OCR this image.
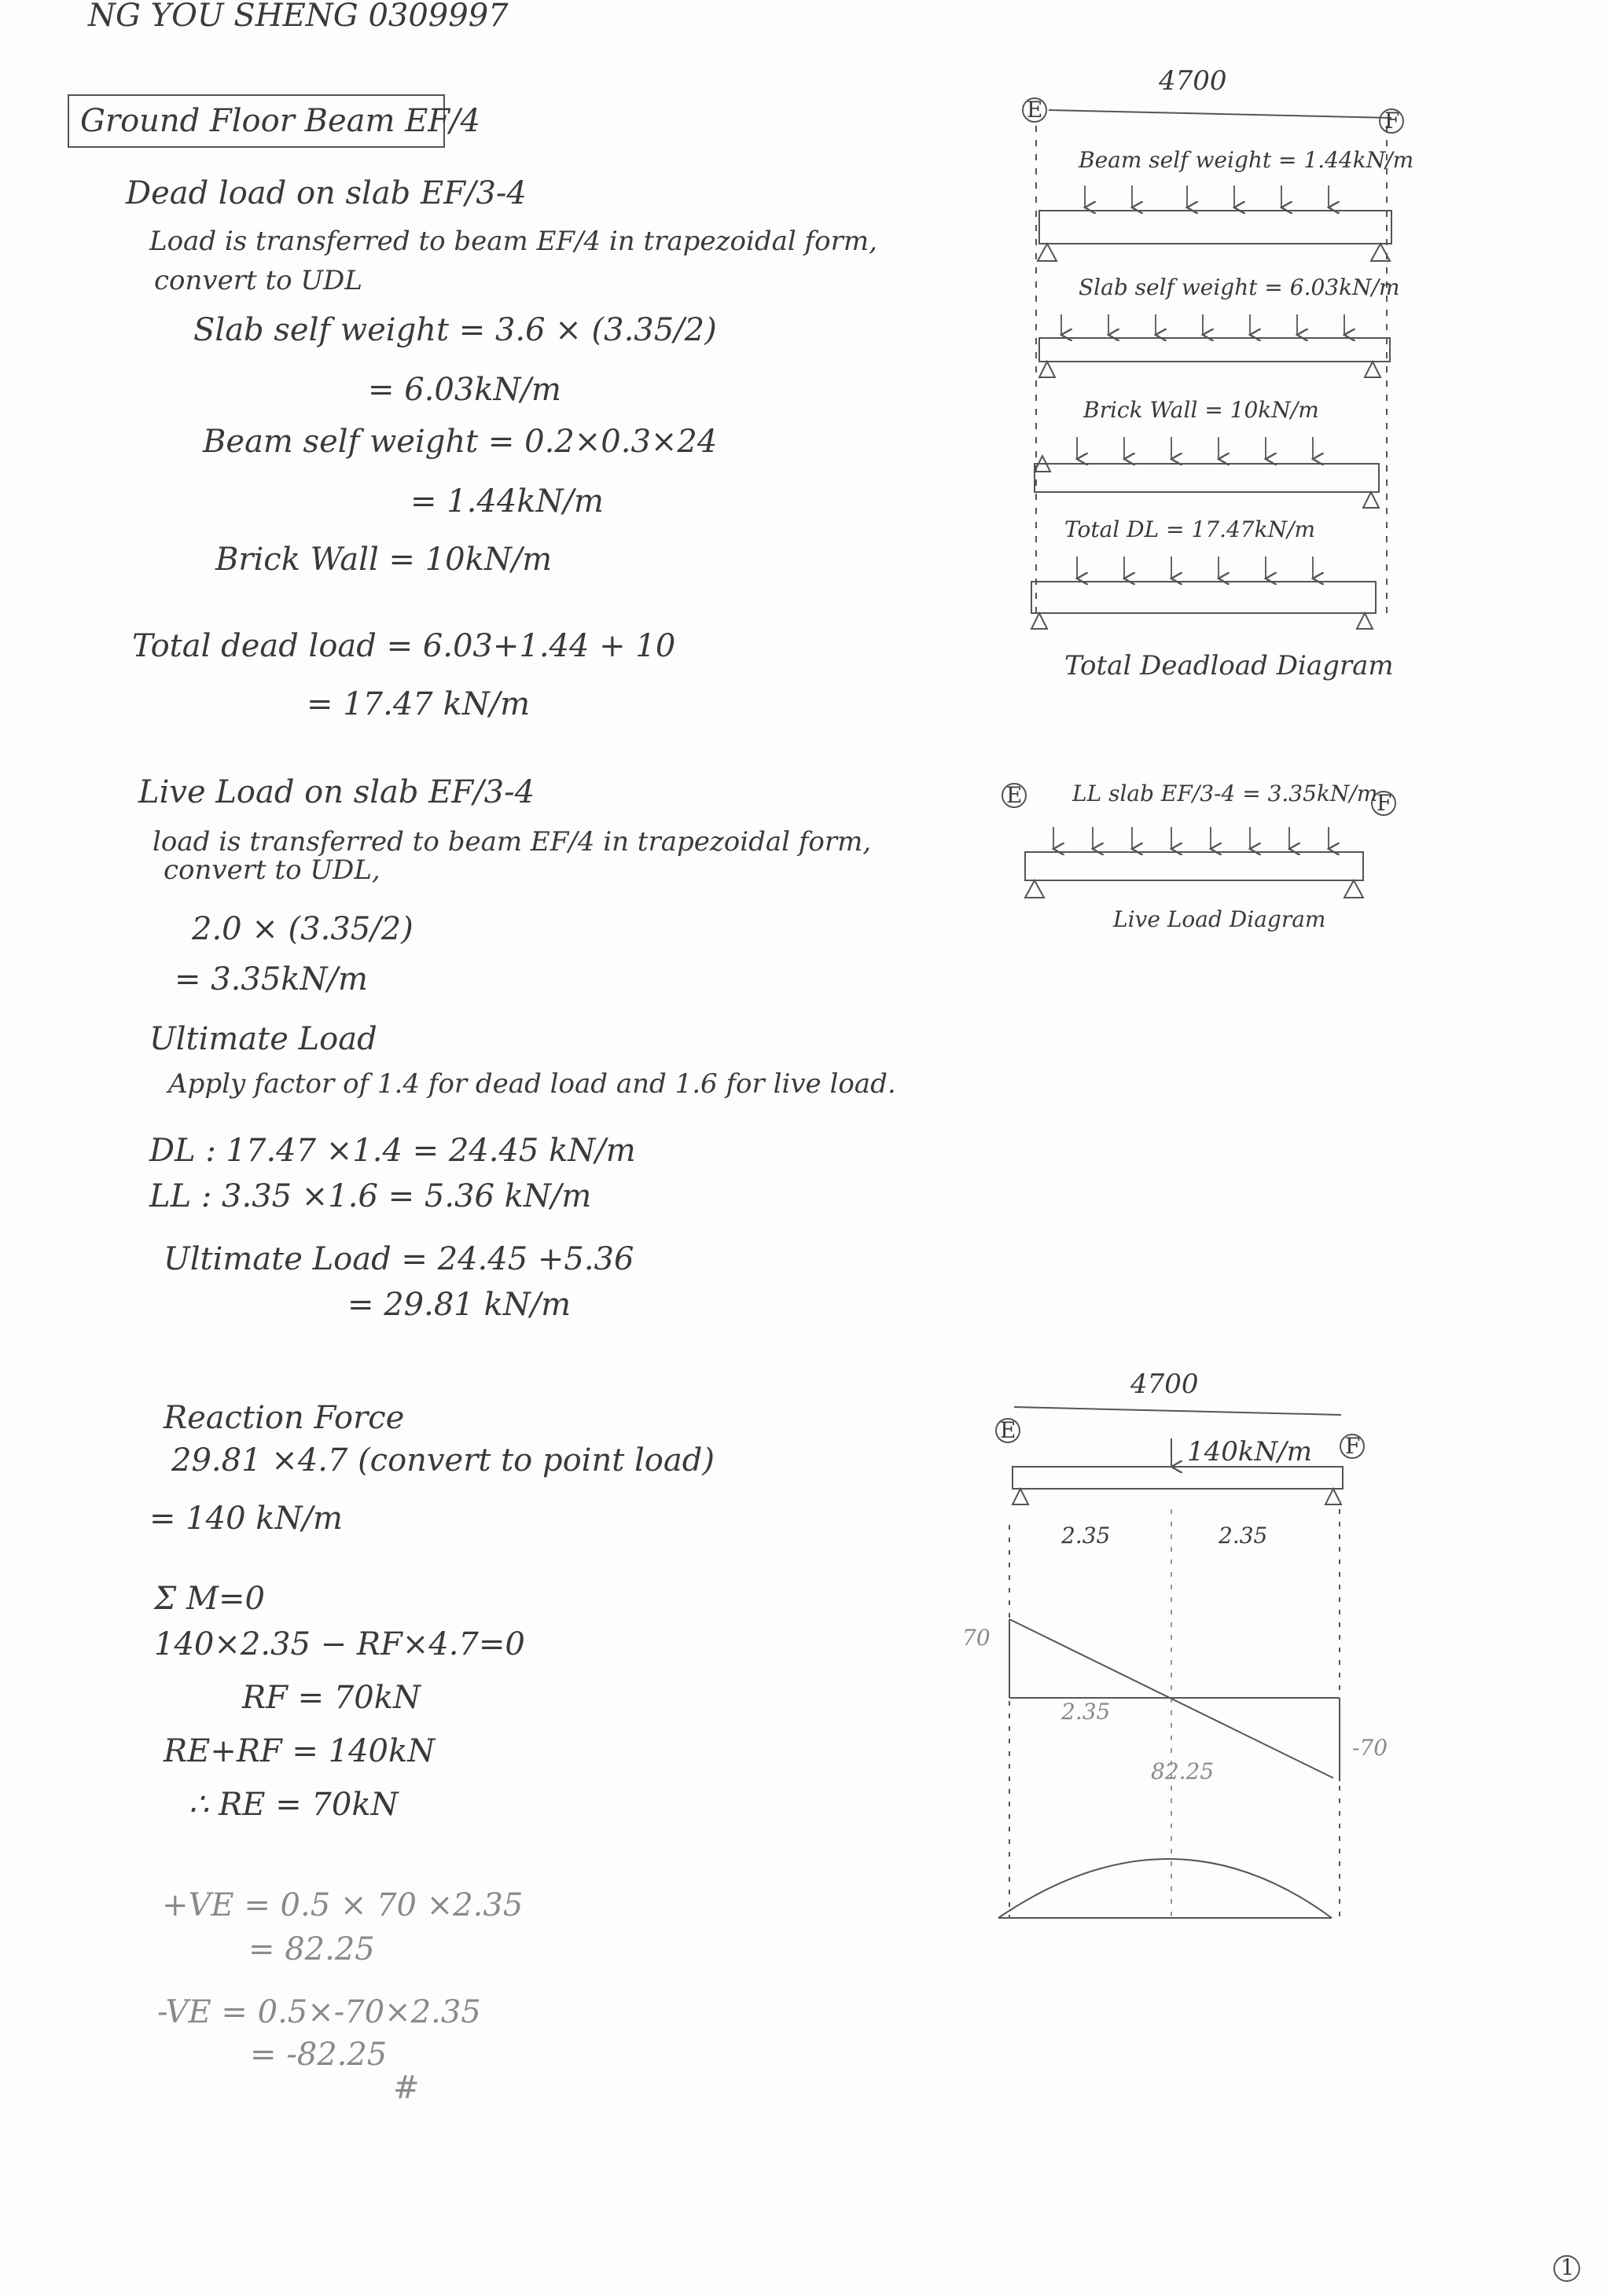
NG YOU SHENG 0309997
Ground Floor Beam EF/4
Dead load on slab EF/3-4
Load is transferred to beam EF/4 in trapezoidal form,
convert to UDL
Slab self weight = 3.6 × (3.35/2)
= 6.03kN/m
Beam self weight = 0.2×0.3×24
= 1.44kN/m
Brick Wall = 10kN/m
Total dead load = 6.03+1.44 + 10
= 17.47 kN/m
Live Load on slab EF/3-4
load is transferred to beam EF/4 in trapezoidal form,
convert to UDL,
2.0 × (3.35/2)
= 3.35kN/m
Ultimate Load
Apply factor of 1.4 for dead load and 1.6 for live load.
DL : 17.47 ×1.4 = 24.45 kN/m
LL : 3.35 ×1.6 = 5.36 kN/m
Ultimate Load = 24.45 +5.36
= 29.81 kN/m
Reaction Force
29.81 ×4.7 (convert to point load)
= 140 kN/m
Σ M=0
140×2.35 − RF×4.7=0
RF = 70kN
RE+RF = 140kN
∴ RE = 70kN
+VE = 0.5 × 70 ×2.35
= 82.25
-VE = 0.5×-70×2.35
= -82.25
#
4700
E	F
Beam self weight = 1.44kN/m
Slab self weight = 6.03kN/m
Brick Wall = 10kN/m
Total DL = 17.47kN/m
Total Deadload Diagram
E	F
LL slab EF/3-4 = 3.35kN/m
Live Load Diagram
4700
E
F
140kN/m
2.35	2.35
70
2.35
-70
82.25
1
